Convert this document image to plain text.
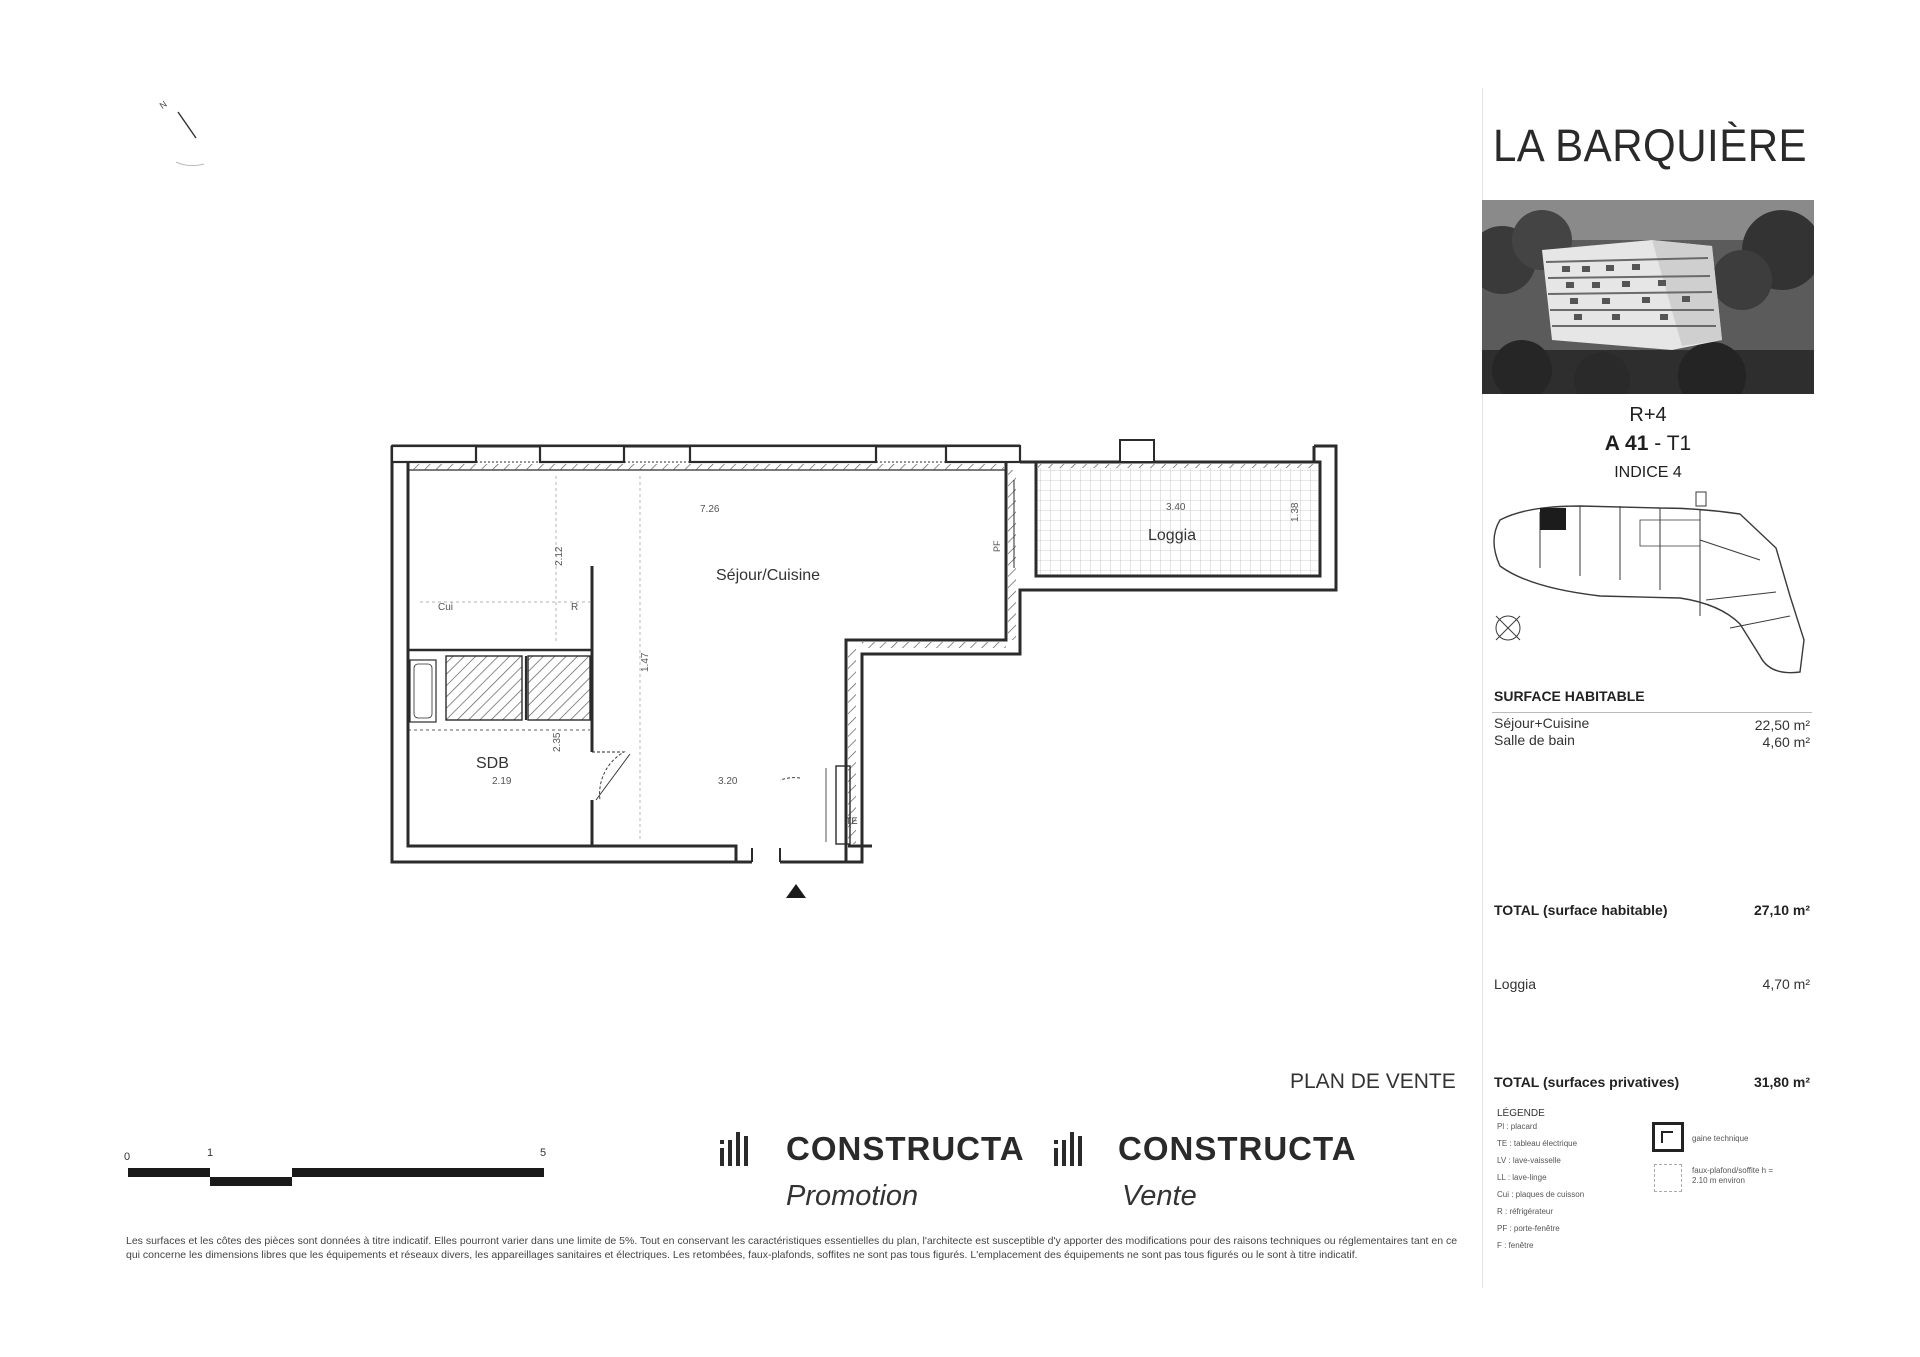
N
Séjour/Cuisine
SDB
Loggia
Cui	R
PF
TE
7.26
2.12
1.47
2.19
2.35
3.20
3.40	1.38
0	1	5
LA BARQUIÈRE
R+4
A 41 - T1
INDICE 4
SURFACE HABITABLE
Séjour+Cuisine	22,50 m²
Salle de bain	4,60 m²
TOTAL (surface habitable)	27,10 m²
Loggia	4,70 m²
PLAN DE VENTE	TOTAL (surfaces privatives)	31,80 m²
LÉGENDE
Pl : placard
TE : tableau électrique
LV : lave-vaisselle
LL : lave-linge
Cui : plaques de cuisson
R : réfrigérateur
PF : porte-fenêtre
F : fenêtre
gaine technique
faux-plafond/soffite h = 2.10 m environ
CONSTRUCTA
Promotion
CONSTRUCTA
Vente
Les surfaces et les côtes des pièces sont données à titre indicatif. Elles pourront varier dans une limite de 5%. Tout en conservant les caractéristiques essentielles du plan, l'architecte est susceptible d'y apporter des modifications pour des raisons techniques ou réglementaires tant en ce qui concerne les dimensions libres que les équipements et réseaux divers, les appareillages sanitaires et électriques. Les retombées, faux-plafonds, soffites ne sont pas tous figurés. L'emplacement des équipements ne sont pas tous figurés ou le sont à titre indicatif.
